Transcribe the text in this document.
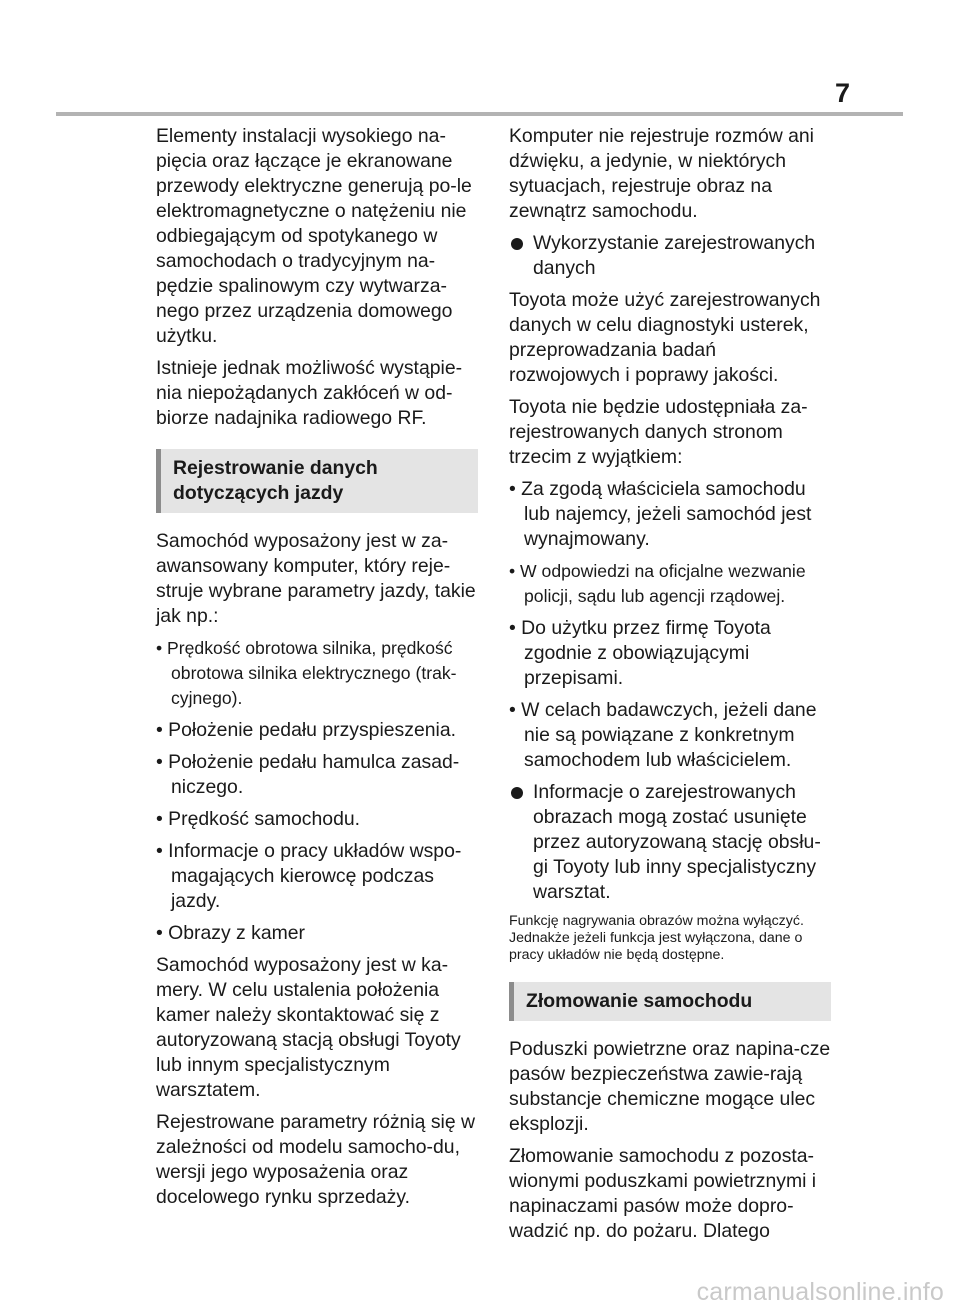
7

Elementy instalacji wysokiego na-pięcia oraz łączące je ekranowane przewody elektryczne generują po-le elektromagnetyczne o natężeniu nie odbiegającym od spotykanego w samochodach o tradycyjnym na-pędzie spalinowym czy wytwarza-nego przez urządzenia domowego użytku.

Istnieje jednak możliwość wystąpie-nia niepożądanych zakłóceń w od-biorze nadajnika radiowego RF.

Rejestrowanie danych dotyczących jazdy

Samochód wyposażony jest w za-awansowany komputer, który reje-struje wybrane parametry jazdy, takie jak np.:

• Prędkość obrotowa silnika, prędkość obrotowa silnika elektrycznego (trak-cyjnego).
• Położenie pedału przyspieszenia.
• Położenie pedału hamulca zasad-niczego.
• Prędkość samochodu.
• Informacje o pracy układów wspo-magających kierowcę podczas jazdy.
• Obrazy z kamer

Samochód wyposażony jest w ka-mery. W celu ustalenia położenia kamer należy skontaktować się z autoryzowaną stacją obsługi Toyoty lub innym specjalistycznym warsztatem.

Rejestrowane parametry różnią się w zależności od modelu samocho-du, wersji jego wyposażenia oraz docelowego rynku sprzedaży.

Komputer nie rejestruje rozmów ani dźwięku, a jedynie, w niektórych sytuacjach, rejestruje obraz na zewnątrz samochodu.

Wykorzystanie zarejestrowanych danych

Toyota może użyć zarejestrowanych danych w celu diagnostyki usterek, przeprowadzania badań rozwojowych i poprawy jakości.

Toyota nie będzie udostępniała za-rejestrowanych danych stronom trzecim z wyjątkiem:

• Za zgodą właściciela samochodu lub najemcy, jeżeli samochód jest wynajmowany.
• W odpowiedzi na oficjalne wezwanie policji, sądu lub agencji rządowej.
• Do użytku przez firmę Toyota zgodnie z obowiązującymi przepisami.
• W celach badawczych, jeżeli dane nie są powiązane z konkretnym samochodem lub właścicielem.
Informacje o zarejestrowanych obrazach mogą zostać usunięte przez autoryzowaną stację obsłu-gi Toyoty lub inny specjalistyczny warsztat.
Funkcję nagrywania obrazów można wyłączyć. Jednakże jeżeli funkcja jest wyłączona, dane o pracy układów nie będą dostępne.
Złomowanie samochodu

Poduszki powietrzne oraz napina-cze pasów bezpieczeństwa zawie-rają substancje chemiczne mogące ulec eksplozji.

Złomowanie samochodu z pozosta-wionymi poduszkami powietrznymi i napinaczami pasów może dopro-wadzić np. do pożaru. Dlatego

carmanualsonline.info
